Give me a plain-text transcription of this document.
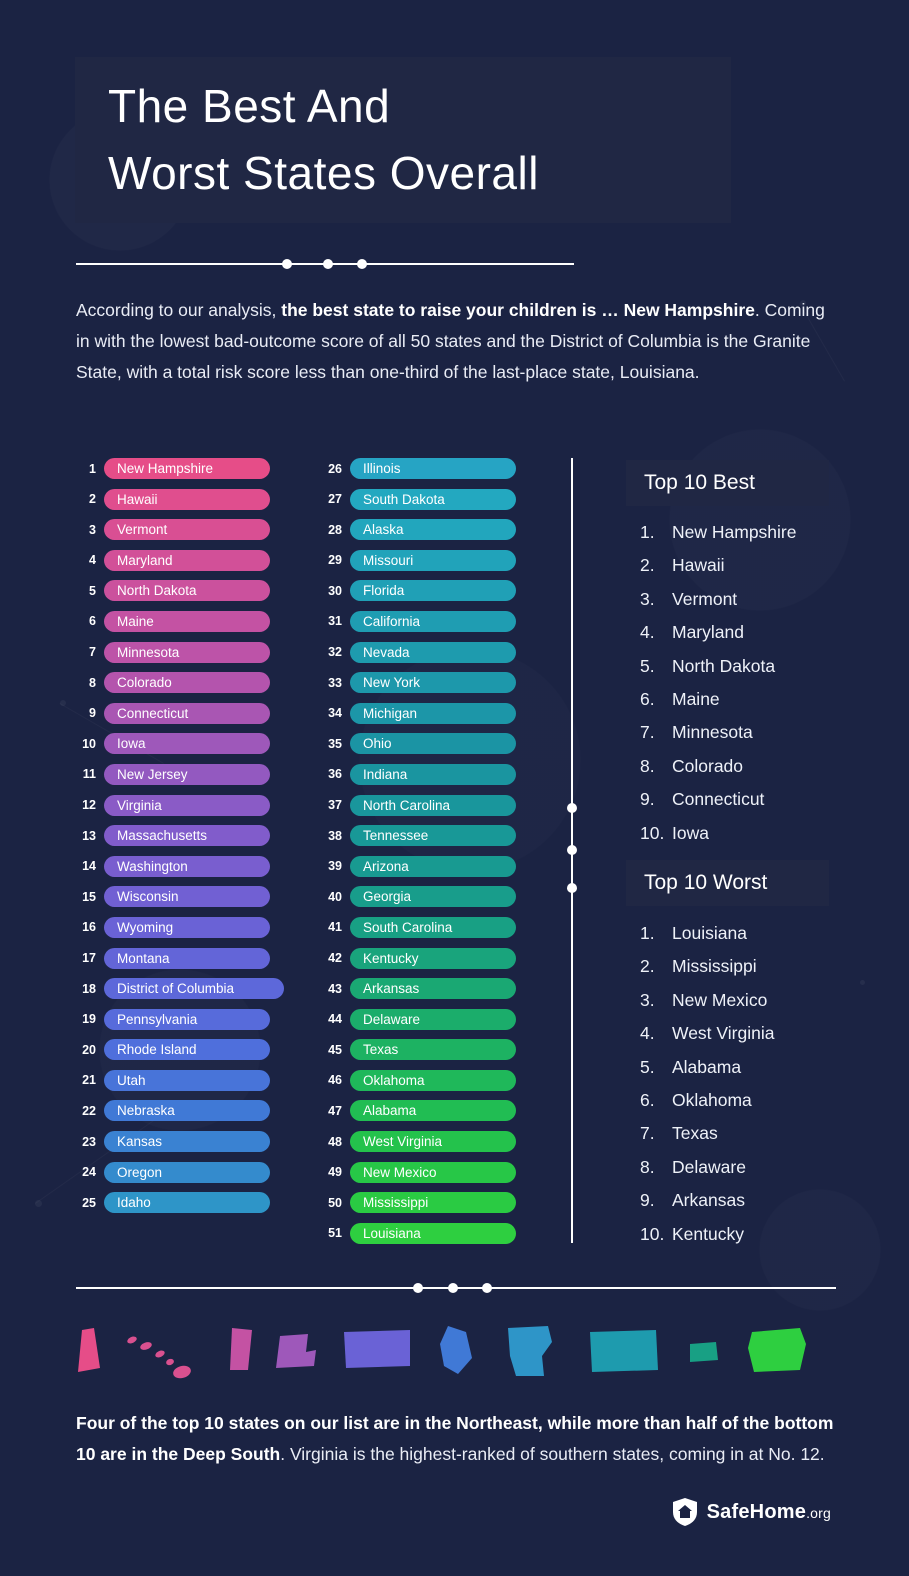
The Best And
Worst States Overall
According to our analysis, the best state to raise your children is … New Hampshire. Coming in with the lowest bad-outcome score of all 50 states and the District of Columbia is the Granite State, with a total risk score less than one-third of the last-place state, Louisiana.
1	New Hampshire
2	Hawaii
3	Vermont
4	Maryland
5	North Dakota
6	Maine
7	Minnesota
8	Colorado
9	Connecticut
10	Iowa
11	New Jersey
12	Virginia
13	Massachusetts
14	Washington
15	Wisconsin
16	Wyoming
17	Montana
18	District of Columbia
19	Pennsylvania
20	Rhode Island
21	Utah
22	Nebraska
23	Kansas
24	Oregon
25	Idaho
26	Illinois
27	South Dakota
28	Alaska
29	Missouri
30	Florida
31	California
32	Nevada
33	New York
34	Michigan
35	Ohio
36	Indiana
37	North Carolina
38	Tennessee
39	Arizona
40	Georgia
41	South Carolina
42	Kentucky
43	Arkansas
44	Delaware
45	Texas
46	Oklahoma
47	Alabama
48	West Virginia
49	New Mexico
50	Mississippi
51	Louisiana
Top 10 Best
1. New Hampshire
2. Hawaii
3. Vermont
4. Maryland
5. North Dakota
6. Maine
7. Minnesota
8. Colorado
9. Connecticut
10. Iowa
Top 10 Worst
1. Louisiana
2. Mississippi
3. New Mexico
4. West Virginia
5. Alabama
6. Oklahoma
7. Texas
8. Delaware
9. Arkansas
10. Kentucky
Four of the top 10 states on our list are in the Northeast, while more than half of the bottom 10 are in the Deep South. Virginia is the highest-ranked of southern states, coming in at No. 12.
SafeHome.org
